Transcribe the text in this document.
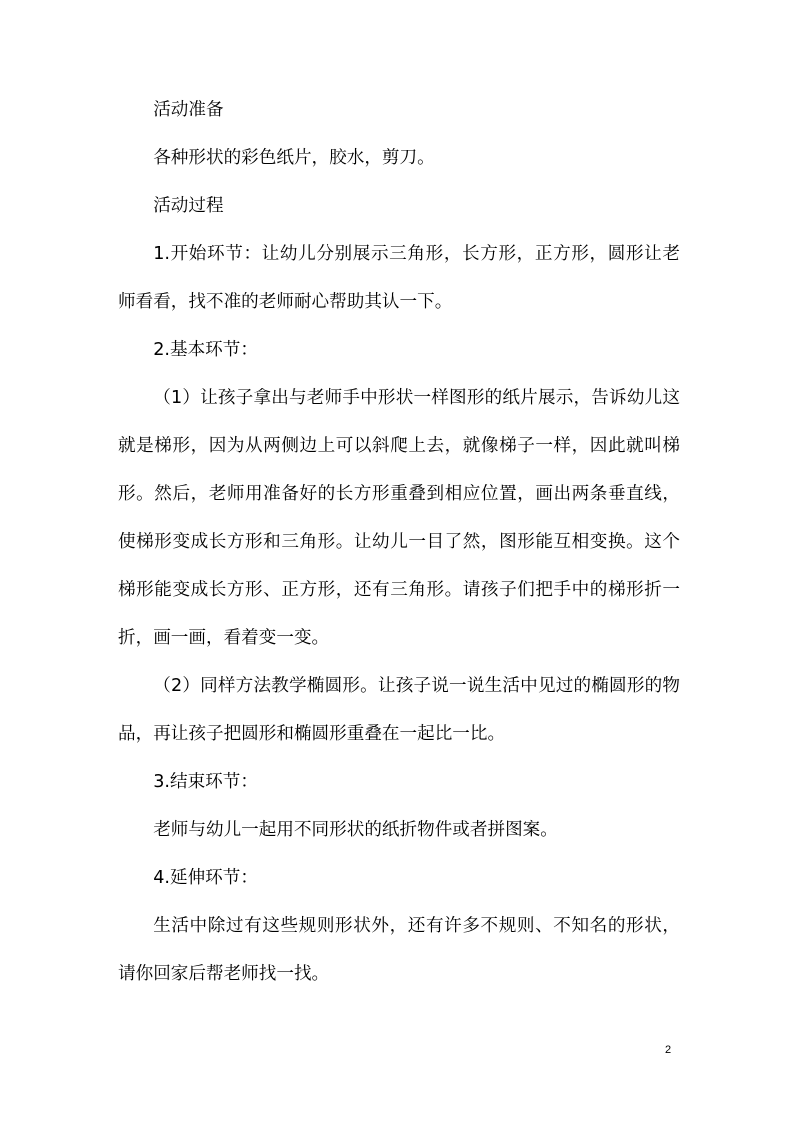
活动准备

各种形状的彩色纸片，胶水，剪刀。

活动过程

1.开始环节：让幼儿分别展示三角形，长方形，正方形，圆形让老师看看，找不准的老师耐心帮助其认一下。

2.基本环节：

（1）让孩子拿出与老师手中形状一样图形的纸片展示，告诉幼儿这就是梯形，因为从两侧边上可以斜爬上去，就像梯子一样，因此就叫梯形。然后，老师用准备好的长方形重叠到相应位置，画出两条垂直线，使梯形变成长方形和三角形。让幼儿一目了然，图形能互相变换。这个梯形能变成长方形、正方形，还有三角形。请孩子们把手中的梯形折一折，画一画，看着变一变。

（2）同样方法教学椭圆形。让孩子说一说生活中见过的椭圆形的物品，再让孩子把圆形和椭圆形重叠在一起比一比。

3.结束环节：

老师与幼儿一起用不同形状的纸折物件或者拼图案。

4.延伸环节：

生活中除过有这些规则形状外，还有许多不规则、不知名的形状，请你回家后帮老师找一找。

2
